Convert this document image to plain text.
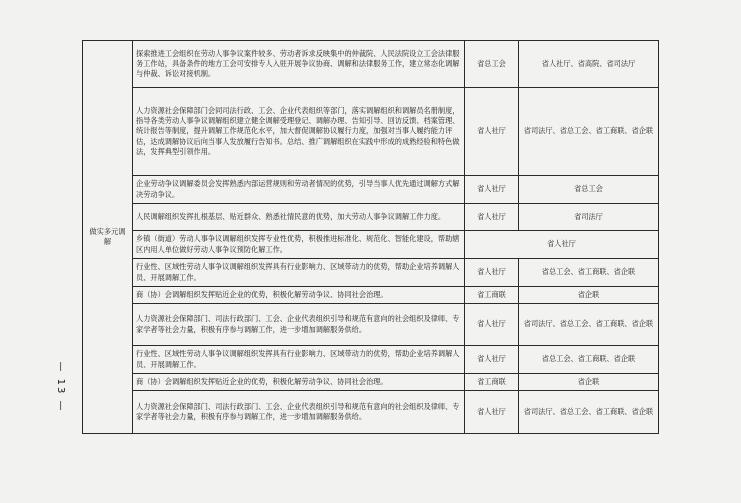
做实多元调解	探索推进工会组织在劳动人事争议案件较多、劳动者诉求反映集中的仲裁院、人民法院设立工会法律服务工作站，具备条件的地方工会可安排专人入驻开展争议协商、调解和法律服务工作，建立常态化调解与仲裁、诉讼对接机制。	省总工会	省人社厅、省高院、省司法厅
	人力资源社会保障部门会同司法行政、工会、企业代表组织等部门，落实调解组织和调解员名册制度，指导各类劳动人事争议调解组织建立健全调解受理登记、调解办理、告知引导、回访反馈、档案管理、统计报告等制度，提升调解工作规范化水平，加大督促调解协议履行力度，加强对当事人履约能力评估，达成调解协议后向当事人发放履行告知书。总结、推广调解组织在实践中形成的成熟经验和特色做法，发挥典型引领作用。	省人社厅	省司法厅、省总工会、省工商联、省企联
	企业劳动争议调解委员会发挥熟悉内部运营规则和劳动者情况的优势，引导当事人优先通过调解方式解决劳动争议。	省人社厅	省总工会
	人民调解组织发挥扎根基层、贴近群众、熟悉社情民意的优势，加大劳动人事争议调解工作力度。	省人社厅	省司法厅
	乡镇（街道）劳动人事争议调解组织发挥专业性优势，积极推进标准化、规范化、智能化建设，帮助辖区内用人单位做好劳动人事争议预防化解工作。	省人社厅	
	行业性、区域性劳动人事争议调解组织发挥具有行业影响力、区域带动力的优势，帮助企业培养调解人员、开展调解工作。	省人社厅	省总工会、省工商联、省企联
	商（协）会调解组织发挥贴近企业的优势，积极化解劳动争议、协同社会治理。	省工商联	省企联
	人力资源社会保障部门、司法行政部门、工会、企业代表组织引导和规范有意向的社会组织及律师、专家学者等社会力量，积极有序参与调解工作，进一步增加调解服务供给。	省人社厅	省司法厅、省总工会、省工商联、省企联
	行业性、区域性劳动人事争议调解组织发挥具有行业影响力、区域带动力的优势，帮助企业培养调解人员、开展调解工作。	省人社厅	省总工会、省工商联、省企联
	商（协）会调解组织发挥贴近企业的优势，积极化解劳动争议、协同社会治理。	省工商联	省企联
	人力资源社会保障部门、司法行政部门、工会、企业代表组织引导和规范有意向的社会组织及律师、专家学者等社会力量，积极有序参与调解工作，进一步增加调解服务供给。	省人社厅	省司法厅、省总工会、省工商联、省企联
— 13 —
